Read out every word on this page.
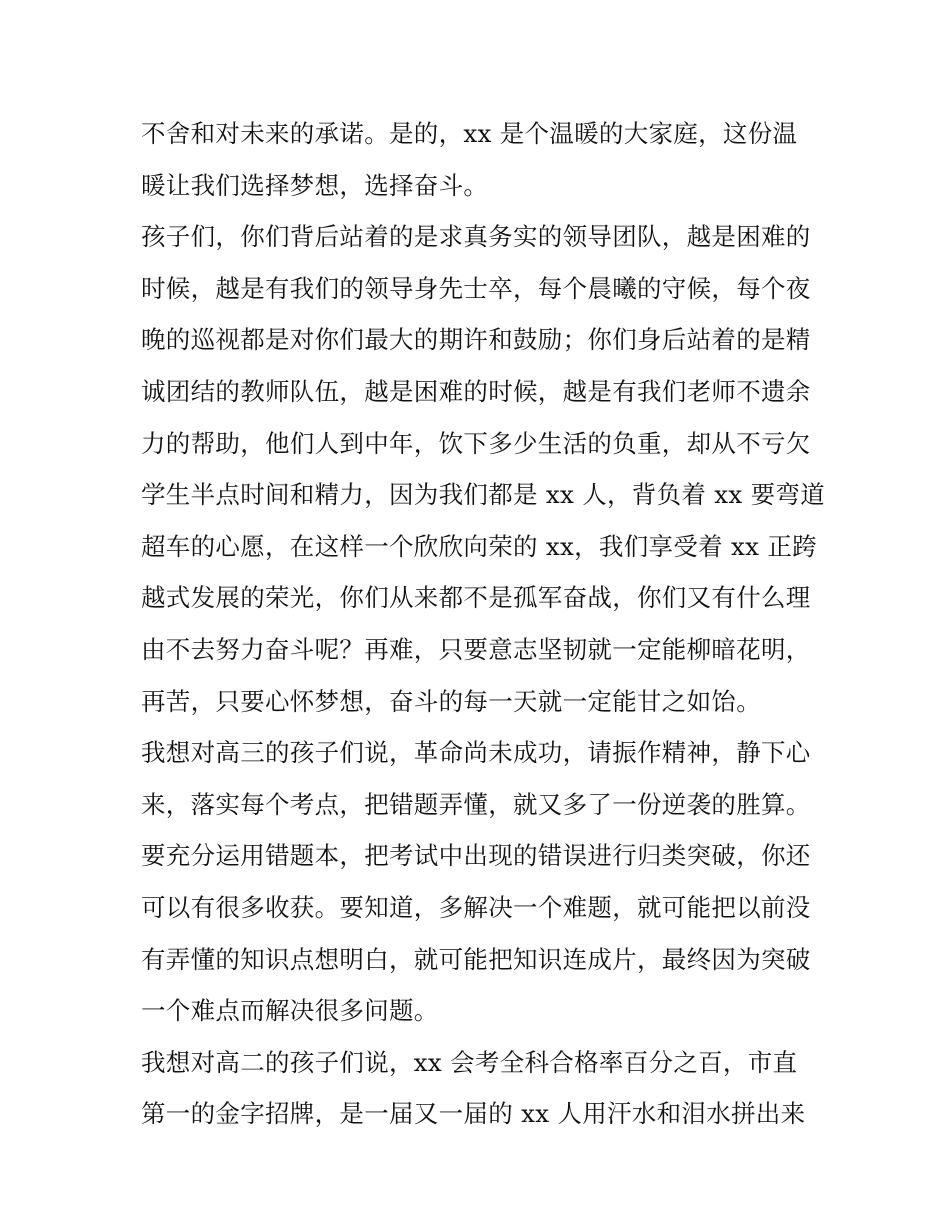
不舍和对未来的承诺。是的，xx 是个温暖的大家庭，这份温
暖让我们选择梦想，选择奋斗。
孩子们，你们背后站着的是求真务实的领导团队，越是困难的
时候，越是有我们的领导身先士卒，每个晨曦的守候，每个夜
晚的巡视都是对你们最大的期许和鼓励；你们身后站着的是精
诚团结的教师队伍，越是困难的时候，越是有我们老师不遗余
力的帮助，他们人到中年，饮下多少生活的负重，却从不亏欠
学生半点时间和精力，因为我们都是 xx 人，背负着 xx 要弯道
超车的心愿，在这样一个欣欣向荣的 xx，我们享受着 xx 正跨
越式发展的荣光，你们从来都不是孤军奋战，你们又有什么理
由不去努力奋斗呢？再难，只要意志坚韧就一定能柳暗花明，
再苦，只要心怀梦想，奋斗的每一天就一定能甘之如饴。
我想对高三的孩子们说，革命尚未成功，请振作精神，静下心
来，落实每个考点，把错题弄懂，就又多了一份逆袭的胜算。
要充分运用错题本，把考试中出现的错误进行归类突破，你还
可以有很多收获。要知道，多解决一个难题，就可能把以前没
有弄懂的知识点想明白，就可能把知识连成片，最终因为突破
一个难点而解决很多问题。
我想对高二的孩子们说，xx 会考全科合格率百分之百，市直
第一的金字招牌，是一届又一届的 xx 人用汗水和泪水拼出来
